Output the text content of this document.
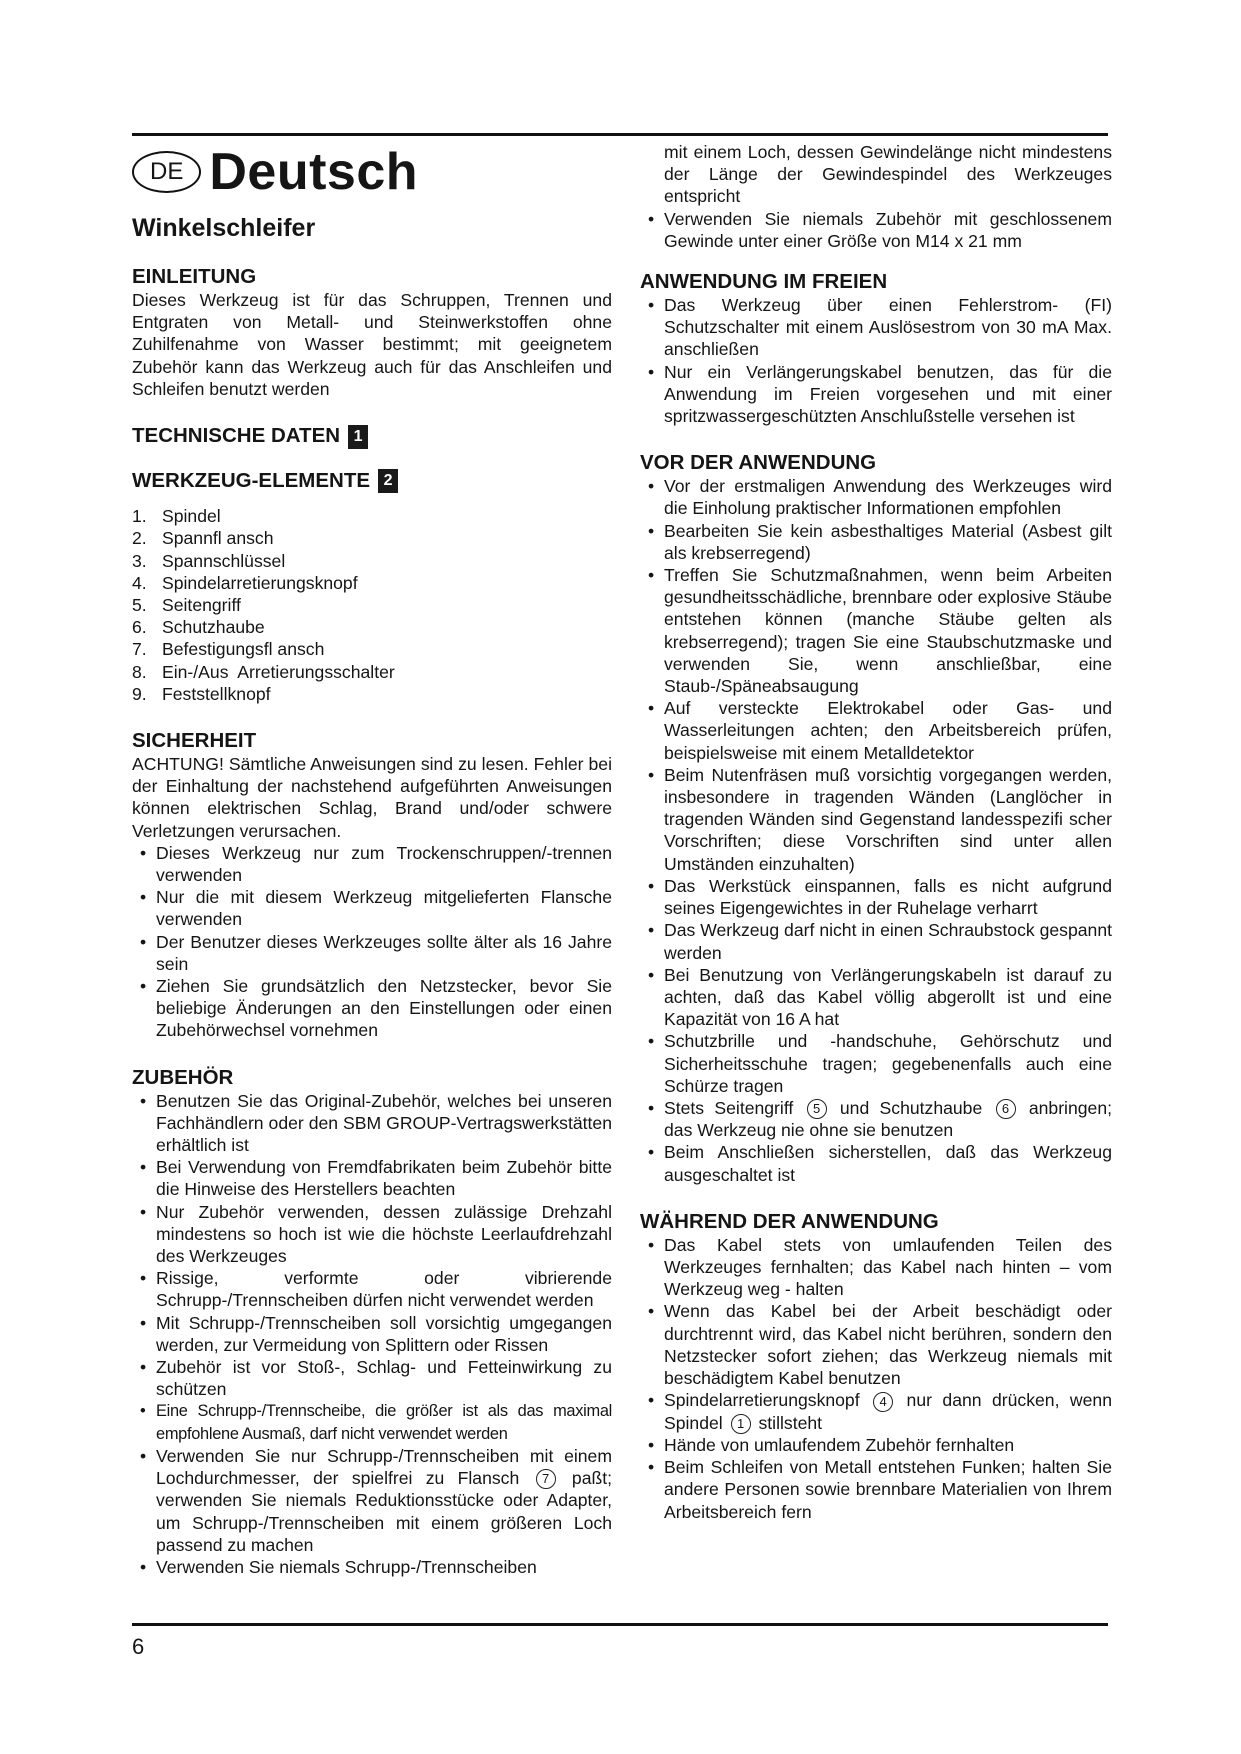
DE Deutsch
Winkelschleifer
EINLEITUNG

Dieses Werkzeug ist für das Schruppen, Trennen und Entgraten von Metall- und Steinwerkstoffen ohne Zuhilfenahme von Wasser bestimmt; mit geeignetem Zubehör kann das Werkzeug auch für das Anschleifen und Schleifen benutzt werden

TECHNISCHE DATEN 1
WERKZEUG-ELEMENTE 2
1. Spindel
2. Spannfl ansch
3. Spannschlüssel
4. Spindelarretierungsknopf
5. Seitengriff
6. Schutzhaube
7. Befestigungsfl ansch
8. Ein-/Aus  Arretierungsschalter
9. Feststellknopf
SICHERHEIT

ACHTUNG! Sämtliche Anweisungen sind zu lesen. Fehler bei der Einhaltung der nachstehend aufgeführten Anweisungen können elektrischen Schlag, Brand und/oder schwere Verletzungen verursachen.

• Dieses Werkzeug nur zum Trockenschruppen/-trennen verwenden
• Nur die mit diesem Werkzeug mitgelieferten Flansche verwenden
• Der Benutzer dieses Werkzeuges sollte älter als 16 Jahre sein
• Ziehen Sie grundsätzlich den Netzstecker, bevor Sie beliebige Änderungen an den Einstellungen oder einen Zubehörwechsel vornehmen
ZUBEHÖR
• Benutzen Sie das Original-Zubehör, welches bei unseren Fachhändlern oder den SBM GROUP-Vertragswerkstätten erhältlich ist
• Bei Verwendung von Fremdfabrikaten beim Zubehör bitte die Hinweise des Herstellers beachten
• Nur Zubehör verwenden, dessen zulässige Drehzahl mindestens so hoch ist wie die höchste Leerlaufdrehzahl des Werkzeuges
• Rissige, verformte oder vibrierende Schrupp-/Trennscheiben dürfen nicht verwendet werden
• Mit Schrupp-/Trennscheiben soll vorsichtig umgegangen werden, zur Vermeidung von Splittern oder Rissen
• Zubehör ist vor Stoß-, Schlag- und Fetteinwirkung zu schützen
• Eine Schrupp-/Trennscheibe, die größer ist als das maximal empfohlene Ausmaß, darf nicht verwendet werden
• Verwenden Sie nur Schrupp-/Trennscheiben mit einem Lochdurchmesser, der spielfrei zu Flansch 7 paßt; verwenden Sie niemals Reduktionsstücke oder Adapter, um Schrupp-/Trennscheiben mit einem größeren Loch passend zu machen
• Verwenden Sie niemals Schrupp-/Trennscheiben

mit einem Loch, dessen Gewindelänge nicht mindestens der Länge der Gewindespindel des Werkzeuges entspricht

• Verwenden Sie niemals Zubehör mit geschlossenem Gewinde unter einer Größe von M14 x 21 mm
ANWENDUNG IM FREIEN
• Das Werkzeug über einen Fehlerstrom- (FI) Schutzschalter mit einem Auslösestrom von 30 mA Max. anschließen
• Nur ein Verlängerungskabel benutzen, das für die Anwendung im Freien vorgesehen und mit einer spritzwassergeschützten Anschlußstelle versehen ist
VOR DER ANWENDUNG
• Vor der erstmaligen Anwendung des Werkzeuges wird die Einholung praktischer Informationen empfohlen
• Bearbeiten Sie kein asbesthaltiges Material (Asbest gilt als krebserregend)
• Treffen Sie Schutzmaßnahmen, wenn beim Arbeiten gesundheitsschädliche, brennbare oder explosive Stäube entstehen können (manche Stäube gelten als krebserregend); tragen Sie eine Staubschutzmaske und verwenden Sie, wenn anschließbar, eine Staub-/Späneabsaugung
• Auf versteckte Elektrokabel oder Gas- und Wasserleitungen achten; den Arbeitsbereich prüfen, beispielsweise mit einem Metalldetektor
• Beim Nutenfräsen muß vorsichtig vorgegangen werden, insbesondere in tragenden Wänden (Langlöcher in tragenden Wänden sind Gegenstand landesspezifi scher Vorschriften; diese Vorschriften sind unter allen Umständen einzuhalten)
• Das Werkstück einspannen, falls es nicht aufgrund seines Eigengewichtes in der Ruhelage verharrt
• Das Werkzeug darf nicht in einen Schraubstock gespannt werden
• Bei Benutzung von Verlängerungskabeln ist darauf zu achten, daß das Kabel völlig abgerollt ist und eine Kapazität von 16 A hat
• Schutzbrille und -handschuhe, Gehörschutz und Sicherheitsschuhe tragen; gegebenenfalls auch eine Schürze tragen
• Stets Seitengriff 5 und Schutzhaube 6 anbringen; das Werkzeug nie ohne sie benutzen
• Beim Anschließen sicherstellen, daß das Werkzeug ausgeschaltet ist
WÄHREND DER ANWENDUNG
• Das Kabel stets von umlaufenden Teilen des Werkzeuges fernhalten; das Kabel nach hinten – vom Werkzeug weg - halten
• Wenn das Kabel bei der Arbeit beschädigt oder durchtrennt wird, das Kabel nicht berühren, sondern den Netzstecker sofort ziehen; das Werkzeug niemals mit beschädigtem Kabel benutzen
• Spindelarretierungsknopf 4 nur dann drücken, wenn Spindel 1 stillsteht
• Hände von umlaufendem Zubehör fernhalten
• Beim Schleifen von Metall entstehen Funken; halten Sie andere Personen sowie brennbare Materialien von Ihrem Arbeitsbereich fern
6
